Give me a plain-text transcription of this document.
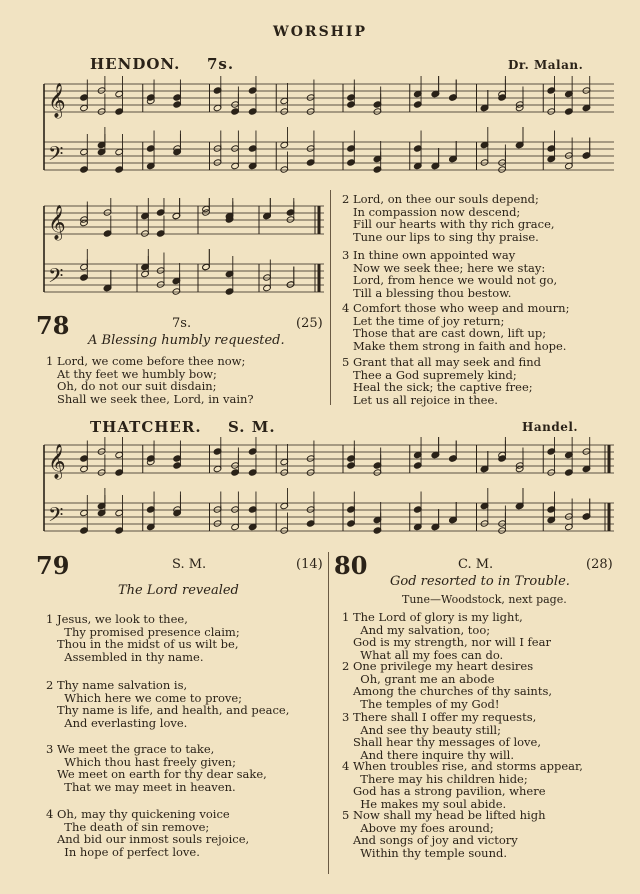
WORSHIP
HENDON. 7s.	Dr. Malan.
𝄞
𝄢
𝄞
𝄢
𝄞
𝄢
78	7s.	(25)
A Blessing humbly requested.
1 Lord, we come before thee now;
At thy feet we humbly bow;
Oh, do not our suit disdain;
Shall we seek thee, Lord, in vain?
2 Lord, on thee our souls depend;
In compassion now descend;
Fill our hearts with thy rich grace,
Tune our lips to sing thy praise.
3 In thine own appointed way
Now we seek thee; here we stay:
Lord, from hence we would not go,
Till a blessing thou bestow.
4 Comfort those who weep and mourn;
Let the time of joy return;
Those that are cast down, lift up;
Make them strong in faith and hope.
5 Grant that all may seek and find
Thee a God supremely kind;
Heal the sick; the captive free;
Let us all rejoice in thee.
THATCHER. S. M.	Handel.
79	S. M.	(14)
The Lord revealed
1 Jesus, we look to thee,
Thy promised presence claim;
Thou in the midst of us wilt be,
Assembled in thy name.
2 Thy name salvation is,
Which here we come to prove;
Thy name is life, and health, and peace,
And everlasting love.
3 We meet the grace to take,
Which thou hast freely given;
We meet on earth for thy dear sake,
That we may meet in heaven.
4 Oh, may thy quickening voice
The death of sin remove;
And bid our inmost souls rejoice,
In hope of perfect love.
80	C. M.	(28)
God resorted to in Trouble.
Tune—Woodstock, next page.
1 The Lord of glory is my light,
And my salvation, too;
God is my strength, nor will I fear
What all my foes can do.
2 One privilege my heart desires
Oh, grant me an abode
Among the churches of thy saints,
The temples of my God!
3 There shall I offer my requests,
And see thy beauty still;
Shall hear thy messages of love,
And there inquire thy will.
4 When troubles rise, and storms appear,
There may his children hide;
God has a strong pavilion, where
He makes my soul abide.
5 Now shall my head be lifted high
Above my foes around;
And songs of joy and victory
Within thy temple sound.
